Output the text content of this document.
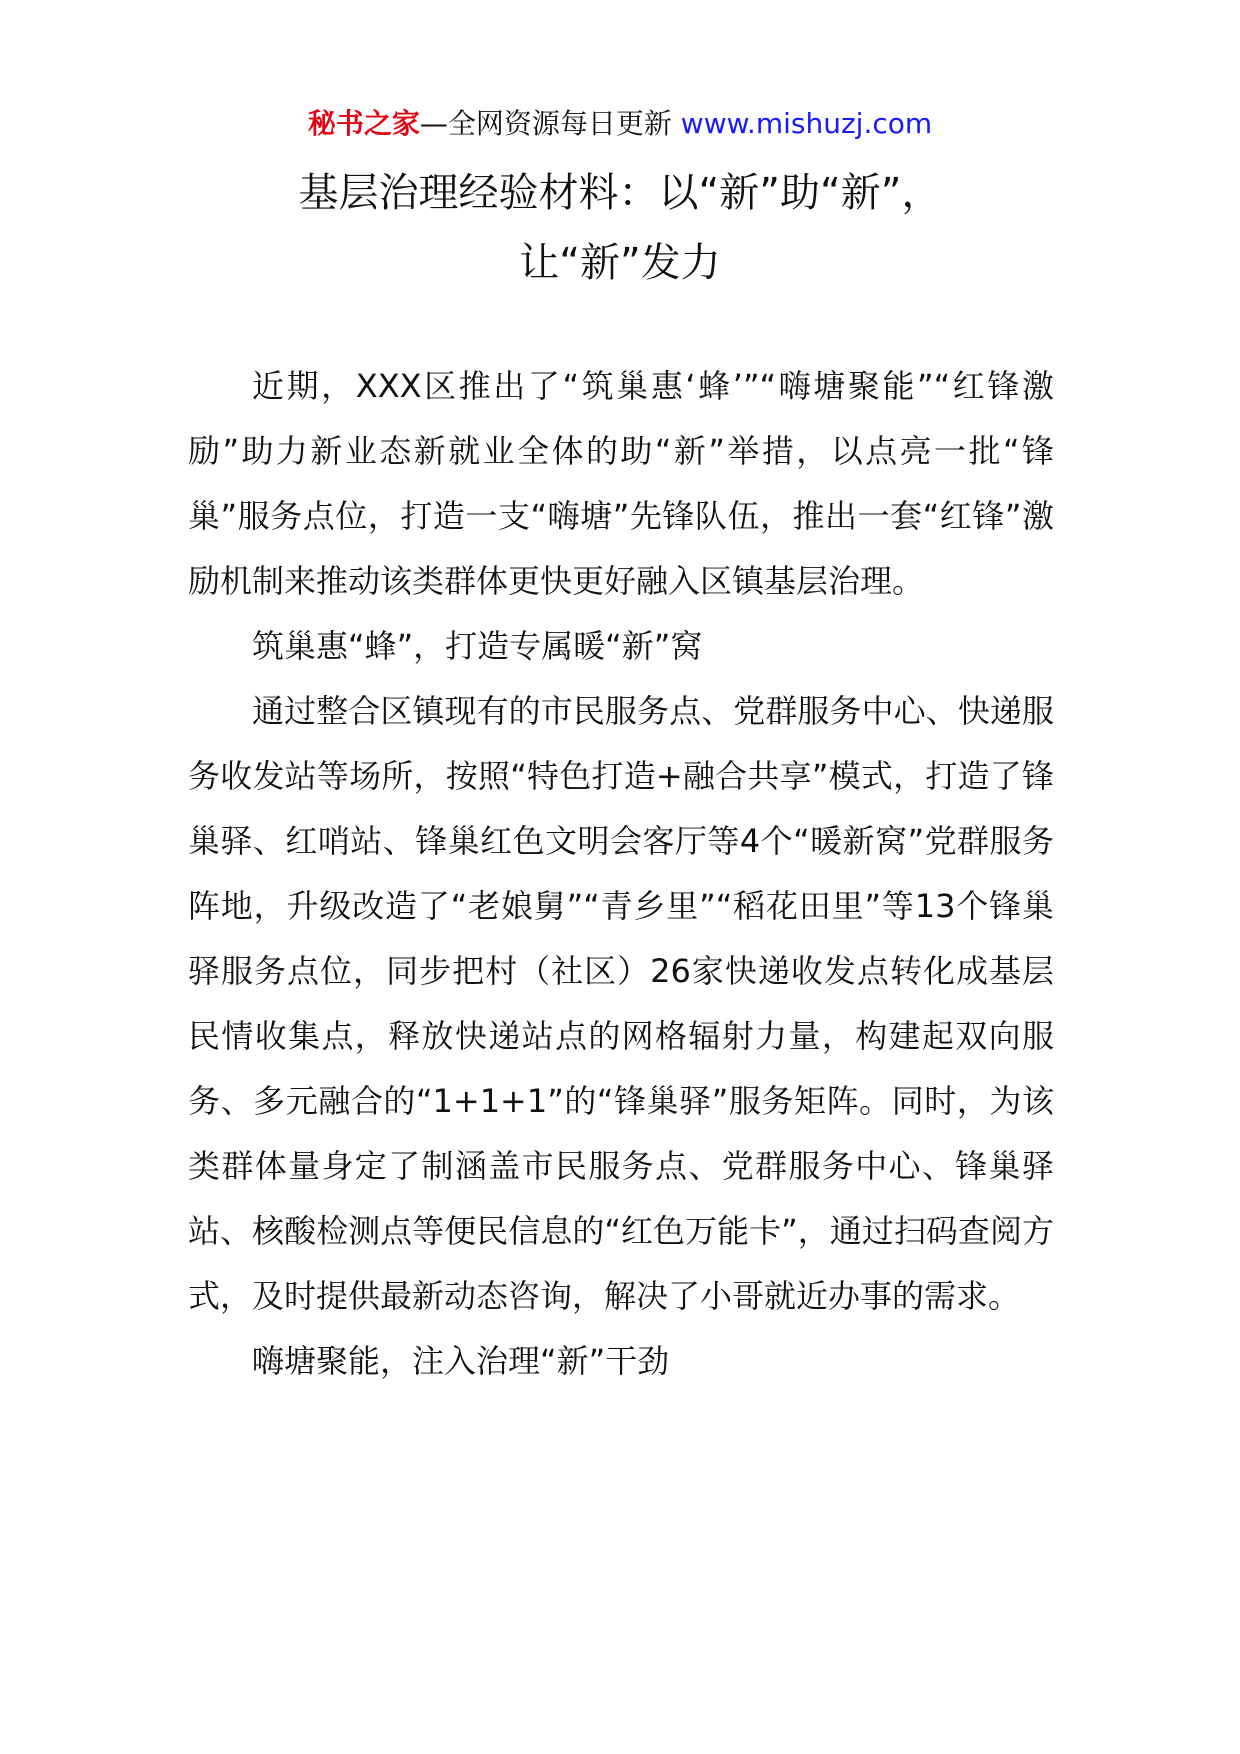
秘书之家—全网资源每日更新 www.mishuzj.com
基层治理经验材料：以“新”助“新”，
让“新”发力

近期，XXX区推出了“筑巢惠‘蜂’”“嗨塘聚能”“红锋激励”助力新业态新就业全体的助“新”举措，以点亮一批“锋巢”服务点位，打造一支“嗨塘”先锋队伍，推出一套“红锋”激励机制来推动该类群体更快更好融入区镇基层治理。

筑巢惠“蜂”，打造专属暖“新”窝

通过整合区镇现有的市民服务点、党群服务中心、快递服务收发站等场所，按照“特色打造+融合共享”模式，打造了锋巢驿、红哨站、锋巢红色文明会客厅等4个“暖新窝”党群服务阵地，升级改造了“老娘舅”“青乡里”“稻花田里”等13个锋巢驿服务点位，同步把村（社区）26家快递收发点转化成基层民情收集点，释放快递站点的网格辐射力量，构建起双向服务、多元融合的“1+1+1”的“锋巢驿”服务矩阵。同时，为该类群体量身定了制涵盖市民服务点、党群服务中心、锋巢驿站、核酸检测点等便民信息的“红色万能卡”，通过扫码查阅方式，及时提供最新动态咨询，解决了小哥就近办事的需求。

嗨塘聚能，注入治理“新”干劲
